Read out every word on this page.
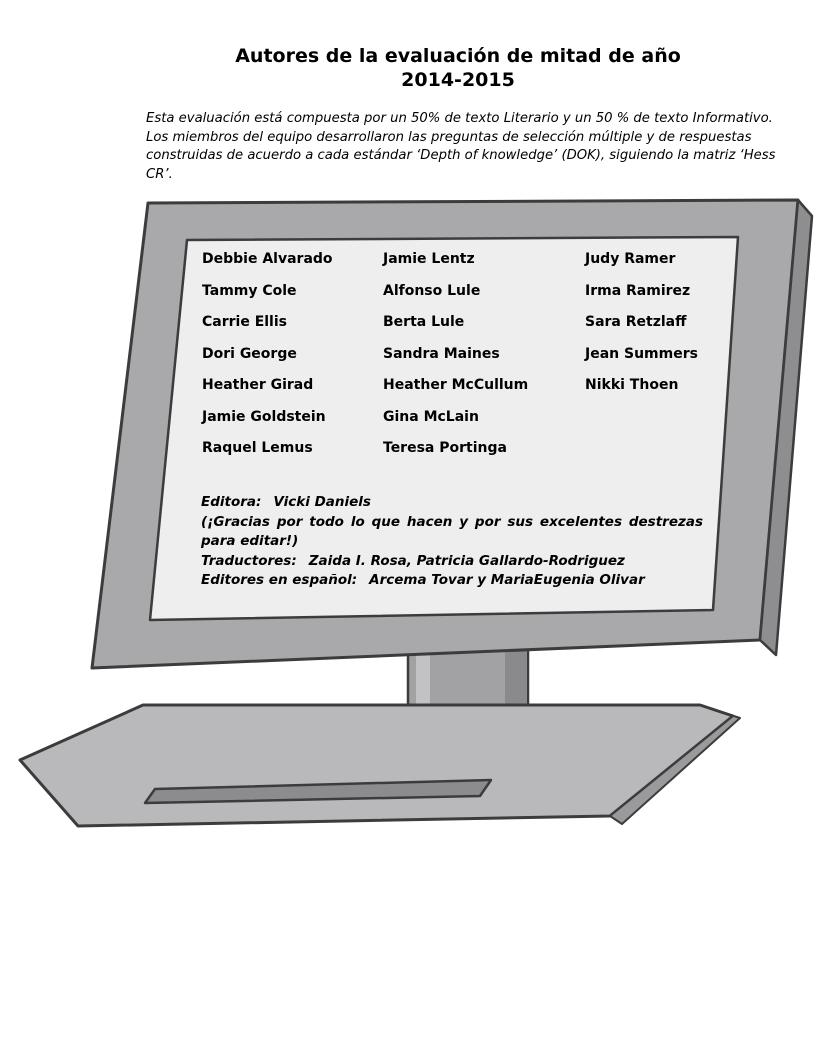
Autores de la evaluación de mitad de año
2014-2015
Esta evaluación está compuesta por un 50% de texto Literario y un 50 % de texto Informativo. Los miembros del equipo desarrollaron las preguntas de selección múltiple y de respuestas construidas de acuerdo a cada estándar ‘Depth of knowledge’ (DOK), siguiendo la matriz ‘Hess CR’.
Debbie Alvarado
Tammy Cole
Carrie Ellis
Dori George
Heather Girad
Jamie Goldstein
Raquel Lemus
Jamie Lentz
Alfonso Lule
Berta Lule
Sandra Maines
Heather McCullum
Gina McLain
Teresa Portinga
Judy Ramer
Irma Ramirez
Sara Retzlaff
Jean Summers
Nikki Thoen
Editora: Vicki Daniels
(¡Gracias por todo lo que hacen y por sus excelentes destrezas para editar!)
Traductores: Zaida I. Rosa, Patricia Gallardo-Rodriguez
Editores en español: Arcema Tovar y MariaEugenia Olivar
